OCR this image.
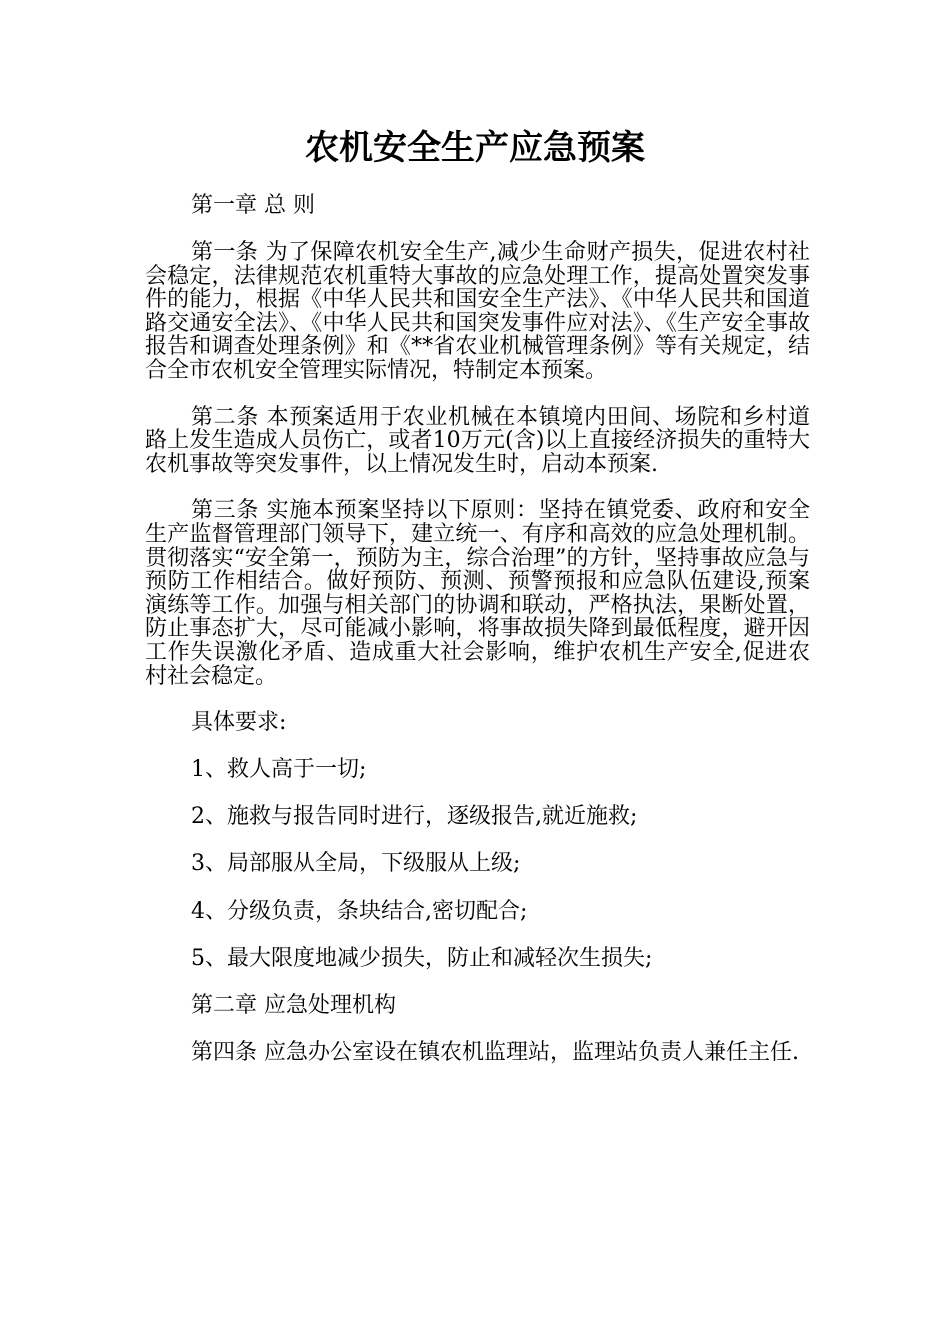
农机安全生产应急预案

第一章 总 则

第一条 为了保障农机安全生产,减少生命财产损失，促进农村社会稳定，法律规范农机重特大事故的应急处理工作，提高处置突发事件的能力，根据《中华人民共和国安全生产法》、《中华人民共和国道路交通安全法》、《中华人民共和国突发事件应对法》、《生产安全事故报告和调查处理条例》和《**省农业机械管理条例》等有关规定，结合全市农机安全管理实际情况，特制定本预案。

第二条 本预案适用于农业机械在本镇境内田间、场院和乡村道路上发生造成人员伤亡，或者10万元(含)以上直接经济损失的重特大农机事故等突发事件，以上情况发生时，启动本预案.

第三条 实施本预案坚持以下原则：坚持在镇党委、政府和安全生产监督管理部门领导下，建立统一、有序和高效的应急处理机制。贯彻落实“安全第一，预防为主，综合治理”的方针，坚持事故应急与预防工作相结合。做好预防、预测、预警预报和应急队伍建设,预案演练等工作。加强与相关部门的协调和联动，严格执法，果断处置，防止事态扩大，尽可能减小影响，将事故损失降到最低程度，避开因工作失误激化矛盾、造成重大社会影响，维护农机生产安全,促进农村社会稳定。

具体要求:

1、救人高于一切;

2、施救与报告同时进行，逐级报告,就近施救;

3、局部服从全局，下级服从上级;

4、分级负责，条块结合,密切配合;

5、最大限度地减少损失，防止和减轻次生损失;

第二章 应急处理机构

第四条 应急办公室设在镇农机监理站，监理站负责人兼任主任.
